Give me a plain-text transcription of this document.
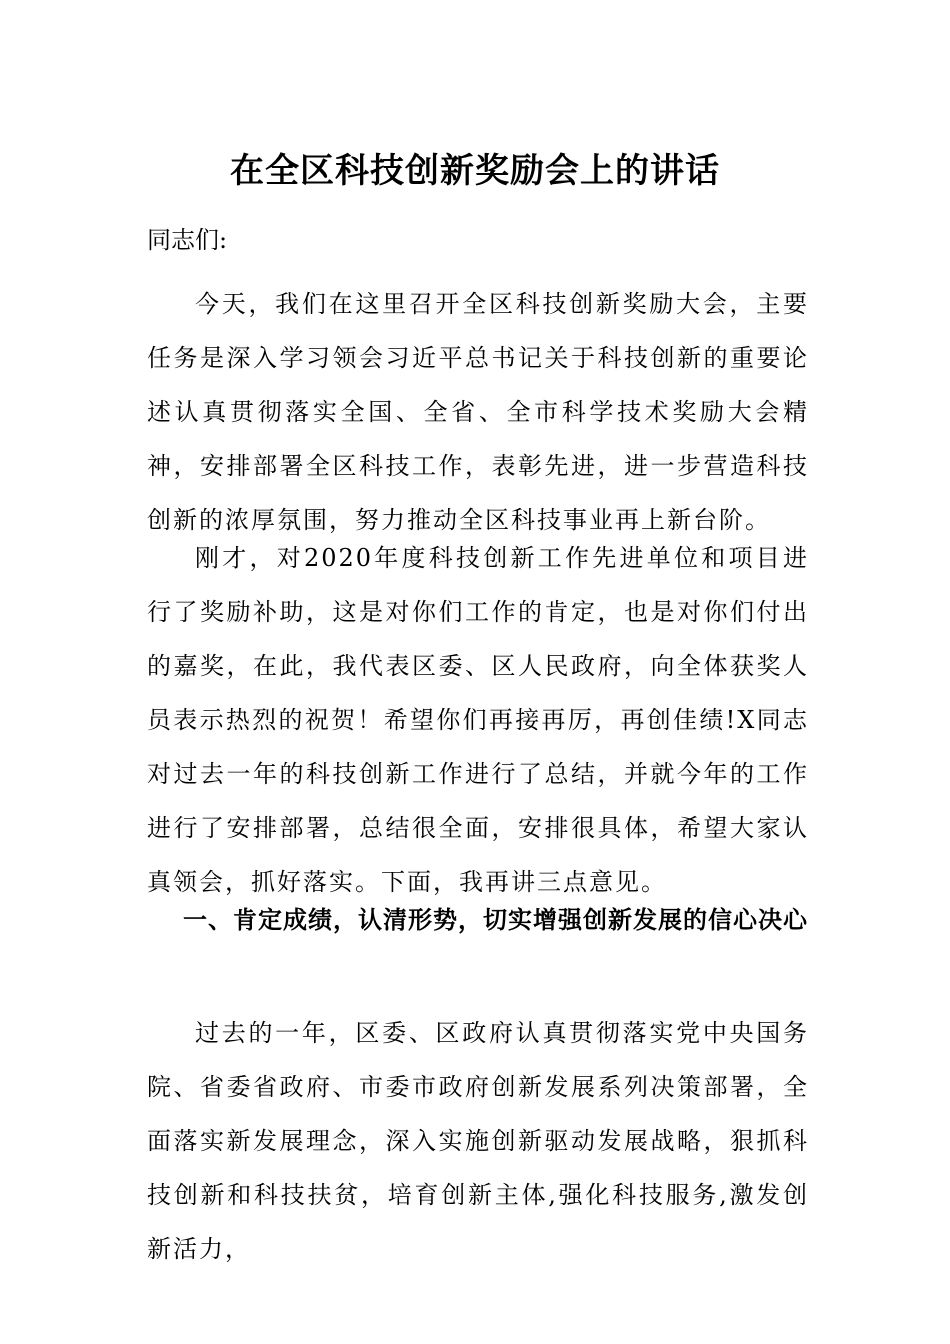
在全区科技创新奖励会上的讲话
同志们:

今天，我们在这里召开全区科技创新奖励大会，主要任务是深入学习领会习近平总书记关于科技创新的重要论述认真贯彻落实全国、全省、全市科学技术奖励大会精神，安排部署全区科技工作，表彰先进，进一步营造科技创新的浓厚氛围，努力推动全区科技事业再上新台阶。

刚才，对2020年度科技创新工作先进单位和项目进行了奖励补助，这是对你们工作的肯定，也是对你们付出的嘉奖，在此，我代表区委、区人民政府，向全体获奖人员表示热烈的祝贺！希望你们再接再厉，再创佳绩!X同志对过去一年的科技创新工作进行了总结，并就今年的工作进行了安排部署，总结很全面，安排很具体，希望大家认真领会，抓好落实。下面，我再讲三点意见。

一、肯定成绩，认清形势，切实增强创新发展的信心决心

过去的一年，区委、区政府认真贯彻落实党中央国务院、省委省政府、市委市政府创新发展系列决策部署，全面落实新发展理念，深入实施创新驱动发展战略，狠抓科技创新和科技扶贫，培育创新主体,强化科技服务,激发创新活力，
